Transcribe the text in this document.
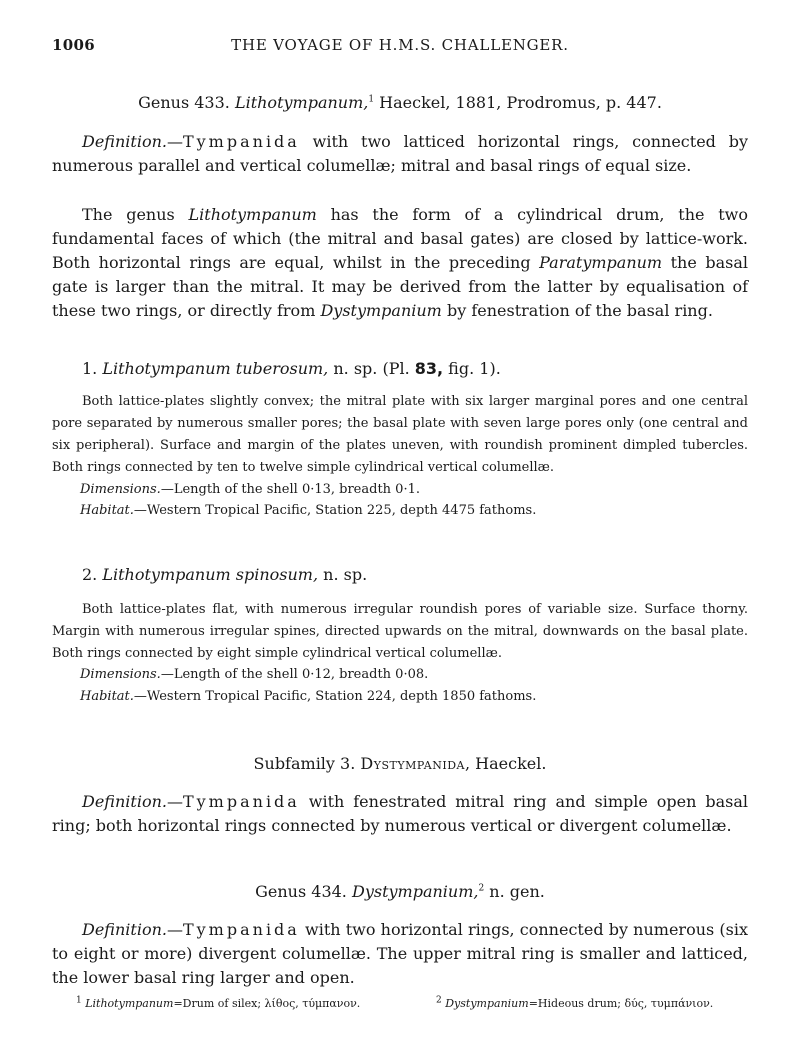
1006	THE VOYAGE OF H.M.S. CHALLENGER.
Genus 433. Lithotympanum,$^1$ Haeckel, 1881, Prodromus, p. 447.

Definition.—Tympanida with two latticed horizontal rings, connected by numerous parallel and vertical columellæ; mitral and basal rings of equal size.

The genus Lithotympanum has the form of a cylindrical drum, the two fundamental faces of which (the mitral and basal gates) are closed by lattice-work. Both horizontal rings are equal, whilst in the preceding Paratympanum the basal gate is larger than the mitral. It may be derived from the latter by equalisation of these two rings, or directly from Dystympanium by fenestration of the basal ring.

1. Lithotympanum tuberosum, n. sp. (Pl. 83, fig. 1).

Both lattice-plates slightly convex; the mitral plate with six larger marginal pores and one central pore separated by numerous smaller pores; the basal plate with seven large pores only (one central and six peripheral). Surface and margin of the plates uneven, with roundish prominent dimpled tubercles. Both rings connected by ten to twelve simple cylindrical vertical columellæ.

Dimensions.—Length of the shell 0·13, breadth 0·1.

Habitat.—Western Tropical Pacific, Station 225, depth 4475 fathoms.

2. Lithotympanum spinosum, n. sp.

Both lattice-plates flat, with numerous irregular roundish pores of variable size. Surface thorny. Margin with numerous irregular spines, directed upwards on the mitral, downwards on the basal plate. Both rings connected by eight simple cylindrical vertical columellæ.

Dimensions.—Length of the shell 0·12, breadth 0·08.

Habitat.—Western Tropical Pacific, Station 224, depth 1850 fathoms.

Subfamily 3. Dystympanida, Haeckel.

Definition.—Tympanida with fenestrated mitral ring and simple open basal ring; both horizontal rings connected by numerous vertical or divergent columellæ.

Genus 434. Dystympanium,$^2$ n. gen.

Definition.—Tympanida with two horizontal rings, connected by numerous (six to eight or more) divergent columellæ. The upper mitral ring is smaller and latticed, the lower basal ring larger and open.

$^1$ Lithotympanum=Drum of silex; λίθος, τύμπανον.	$^2$ Dystympanium=Hideous drum; δύς, τυμπάνιον.
